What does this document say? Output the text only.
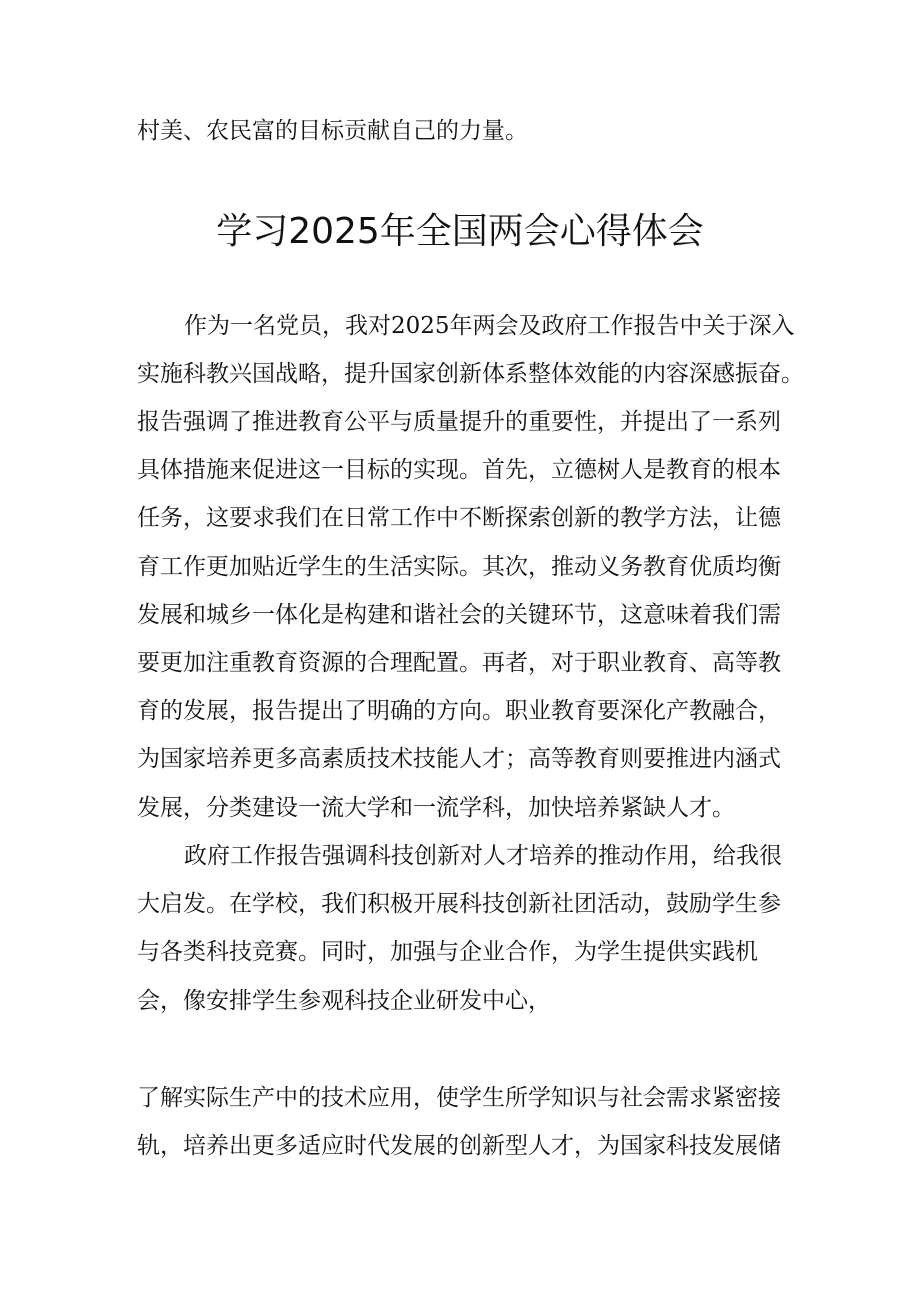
村美、农民富的目标贡献自己的力量。

学习2025年全国两会心得体会

作为一名党员，我对2025年两会及政府工作报告中关于深入

实施科教兴国战略，提升国家创新体系整体效能的内容深感振奋。

报告强调了推进教育公平与质量提升的重要性，并提出了一系列

具体措施来促进这一目标的实现。首先，立德树人是教育的根本

任务，这要求我们在日常工作中不断探索创新的教学方法，让德

育工作更加贴近学生的生活实际。其次，推动义务教育优质均衡

发展和城乡一体化是构建和谐社会的关键环节，这意味着我们需

要更加注重教育资源的合理配置。再者，对于职业教育、高等教

育的发展，报告提出了明确的方向。职业教育要深化产教融合，

为国家培养更多高素质技术技能人才；高等教育则要推进内涵式

发展，分类建设一流大学和一流学科，加快培养紧缺人才。

政府工作报告强调科技创新对人才培养的推动作用，给我很

大启发。在学校，我们积极开展科技创新社团活动，鼓励学生参

与各类科技竞赛。同时，加强与企业合作，为学生提供实践机

会，像安排学生参观科技企业研发中心，

了解实际生产中的技术应用，使学生所学知识与社会需求紧密接

轨，培养出更多适应时代发展的创新型人才，为国家科技发展储
